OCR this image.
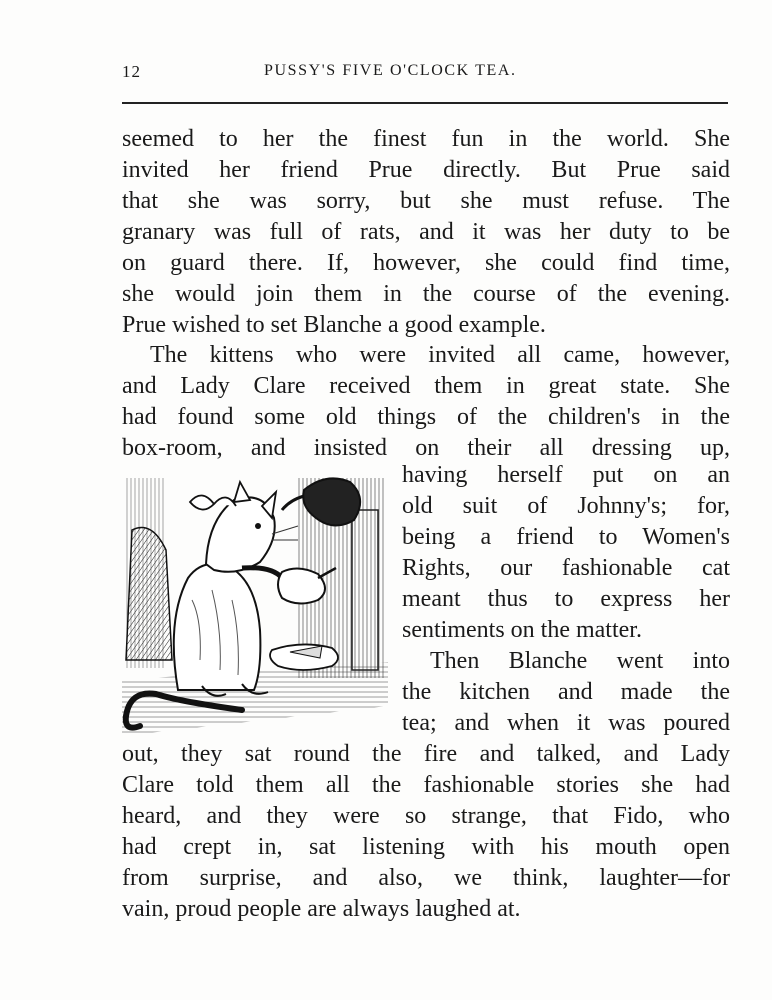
12	PUSSY'S FIVE O'CLOCK TEA.
seemed to her the finest fun in the world. She
invited her friend Prue directly. But Prue said
that she was sorry, but she must refuse. The
granary was full of rats, and it was her duty to be
on guard there. If, however, she could find time,
she would join them in the course of the evening.
Prue wished to set Blanche a good example.
The kittens who were invited all came, however,
and Lady Clare received them in great state. She
had found some old things of the children's in the
box-room, and insisted on their all dressing up,
having herself put on an
old suit of Johnny's; for,
being a friend to Women's
Rights, our fashionable cat
meant thus to express her
sentiments on the matter.
Then Blanche went into
the kitchen and made the
tea; and when it was poured
out, they sat round the fire and talked, and Lady
Clare told them all the fashionable stories she had
heard, and they were so strange, that Fido, who
had crept in, sat listening with his mouth open
from surprise, and also, we think, laughter—for
vain, proud people are always laughed at.
